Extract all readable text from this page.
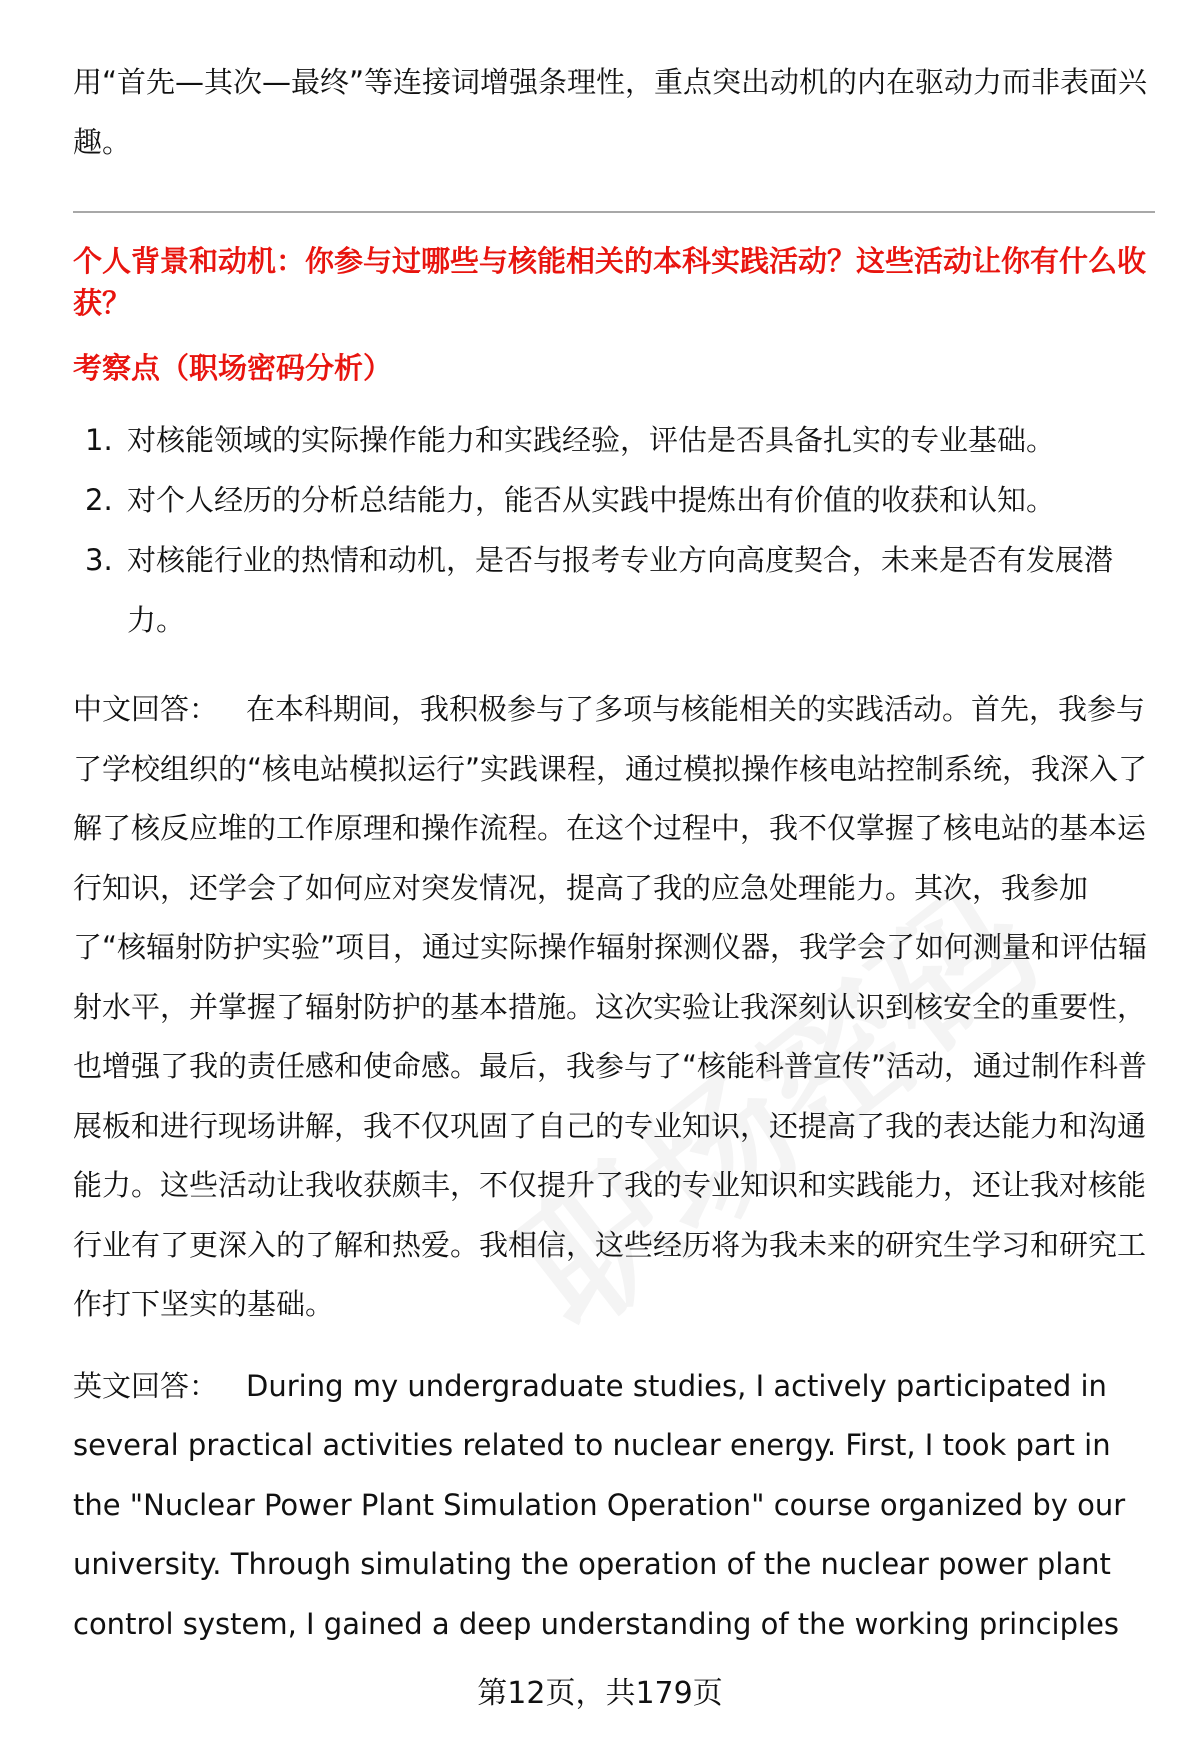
用“首先—其次—最终”等连接词增强条理性，重点突出动机的内在驱动力而非表面兴趣。

个人背景和动机：你参与过哪些与核能相关的本科实践活动？这些活动让你有什么收获？

考察点（职场密码分析）

1. 对核能领域的实际操作能力和实践经验，评估是否具备扎实的专业基础。
2. 对个人经历的分析总结能力，能否从实践中提炼出有价值的收获和认知。
3. 对核能行业的热情和动机，是否与报考专业方向高度契合，未来是否有发展潜力。

中文回答： 在本科期间，我积极参与了多项与核能相关的实践活动。首先，我参与了学校组织的“核电站模拟运行”实践课程，通过模拟操作核电站控制系统，我深入了解了核反应堆的工作原理和操作流程。在这个过程中，我不仅掌握了核电站的基本运行知识，还学会了如何应对突发情况，提高了我的应急处理能力。其次，我参加了“核辐射防护实验”项目，通过实际操作辐射探测仪器，我学会了如何测量和评估辐射水平，并掌握了辐射防护的基本措施。这次实验让我深刻认识到核安全的重要性，也增强了我的责任感和使命感。最后，我参与了“核能科普宣传”活动，通过制作科普展板和进行现场讲解，我不仅巩固了自己的专业知识，还提高了我的表达能力和沟通能力。这些活动让我收获颇丰，不仅提升了我的专业知识和实践能力，还让我对核能行业有了更深入的了解和热爱。我相信，这些经历将为我未来的研究生学习和研究工作打下坚实的基础。

英文回答： During my undergraduate studies, I actively participated in several practical activities related to nuclear energy. First, I took part in the "Nuclear Power Plant Simulation Operation" course organized by our university. Through simulating the operation of the nuclear power plant control system, I gained a deep understanding of the working principles

第12页，共179页
